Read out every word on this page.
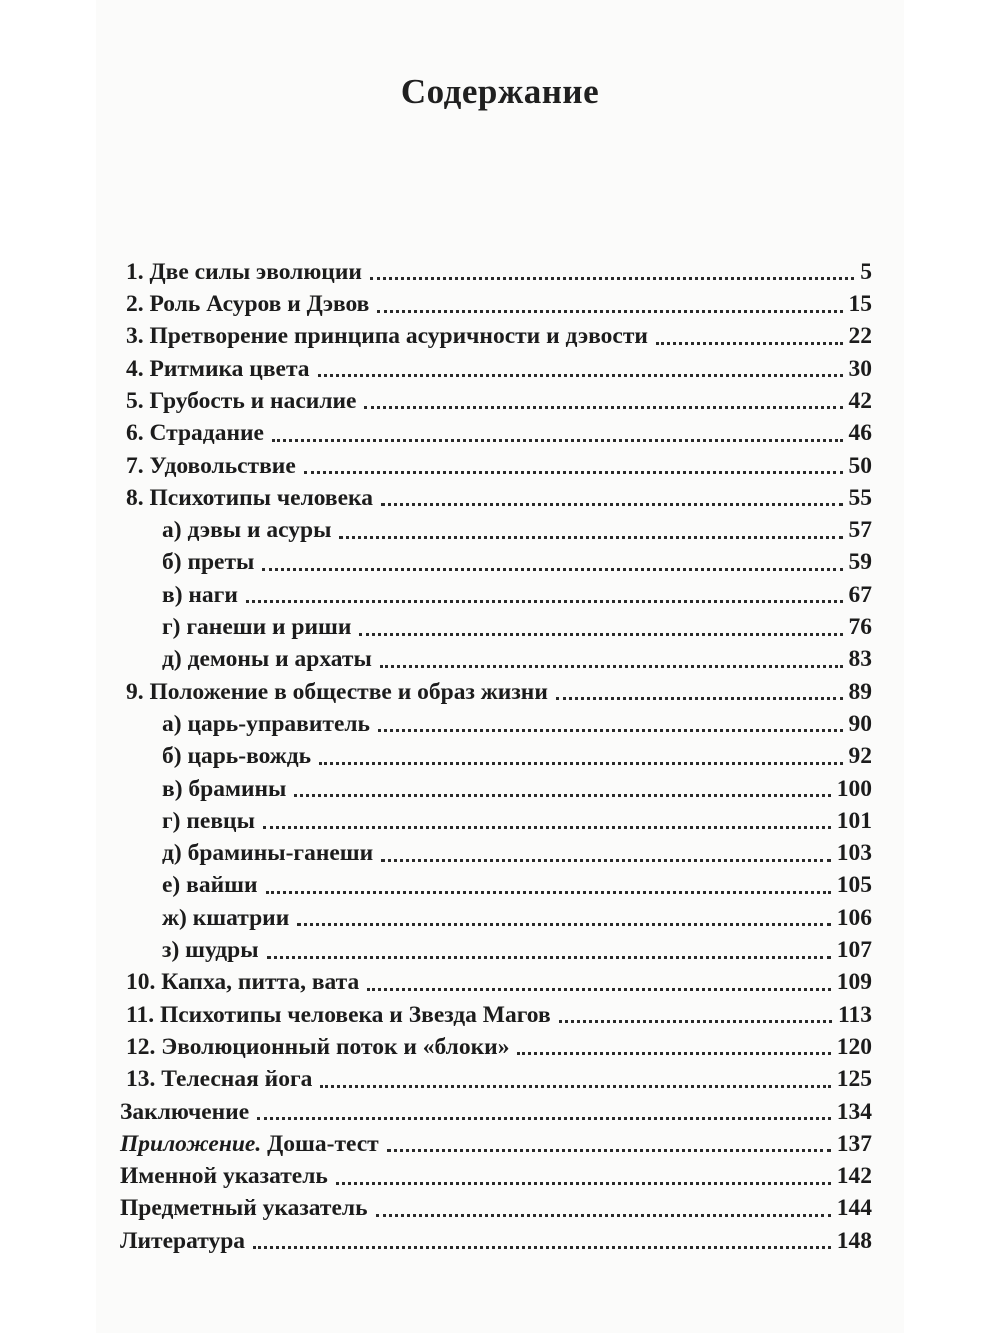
Содержание
1. Две силы эволюции	5
2. Роль Асуров и Дэвов	15
3. Претворение принципа асуричности и дэвости	22
4. Ритмика цвета	30
5. Грубость и насилие	42
6. Страдание	46
7. Удовольствие	50
8. Психотипы человека	55
а) дэвы и асуры	57
б) преты	59
в) наги	67
г) ганеши и риши	76
д) демоны и архаты	83
9. Положение в обществе и образ жизни	89
а) царь-управитель	90
б) царь-вождь	92
в) брамины	100
г) певцы	101
д) брамины-ганеши	103
е) вайши	105
ж) кшатрии	106
з) шудры	107
10. Капха, питта, вата	109
11. Психотипы человека и Звезда Магов	113
12. Эволюционный поток и «блоки»	120
13. Телесная йога	125
Заключение	134
Приложение. Доша-тест	137
Именной указатель	142
Предметный указатель	144
Литература	148
